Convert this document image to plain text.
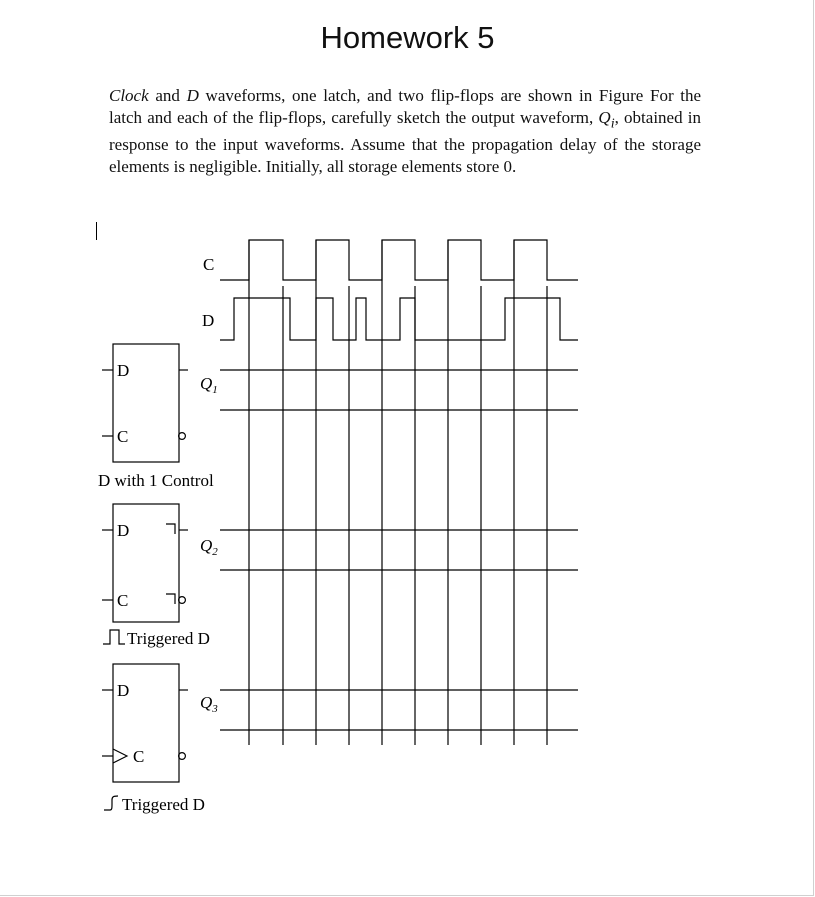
Homework 5
Clock and D waveforms, one latch, and two flip-flops are shown in Figure For the latch and each of the flip-flops, carefully sketch the output waveform, $Q_i$, obtained in response to the input waveforms. Assume that the propagation delay of the storage elements is negligible. Initially, all storage elements store 0.
C
D
$Q_1$
$Q_2$
$Q_3$
D
C
D
C
D
C
D with 1 Control
Triggered D
Triggered D
